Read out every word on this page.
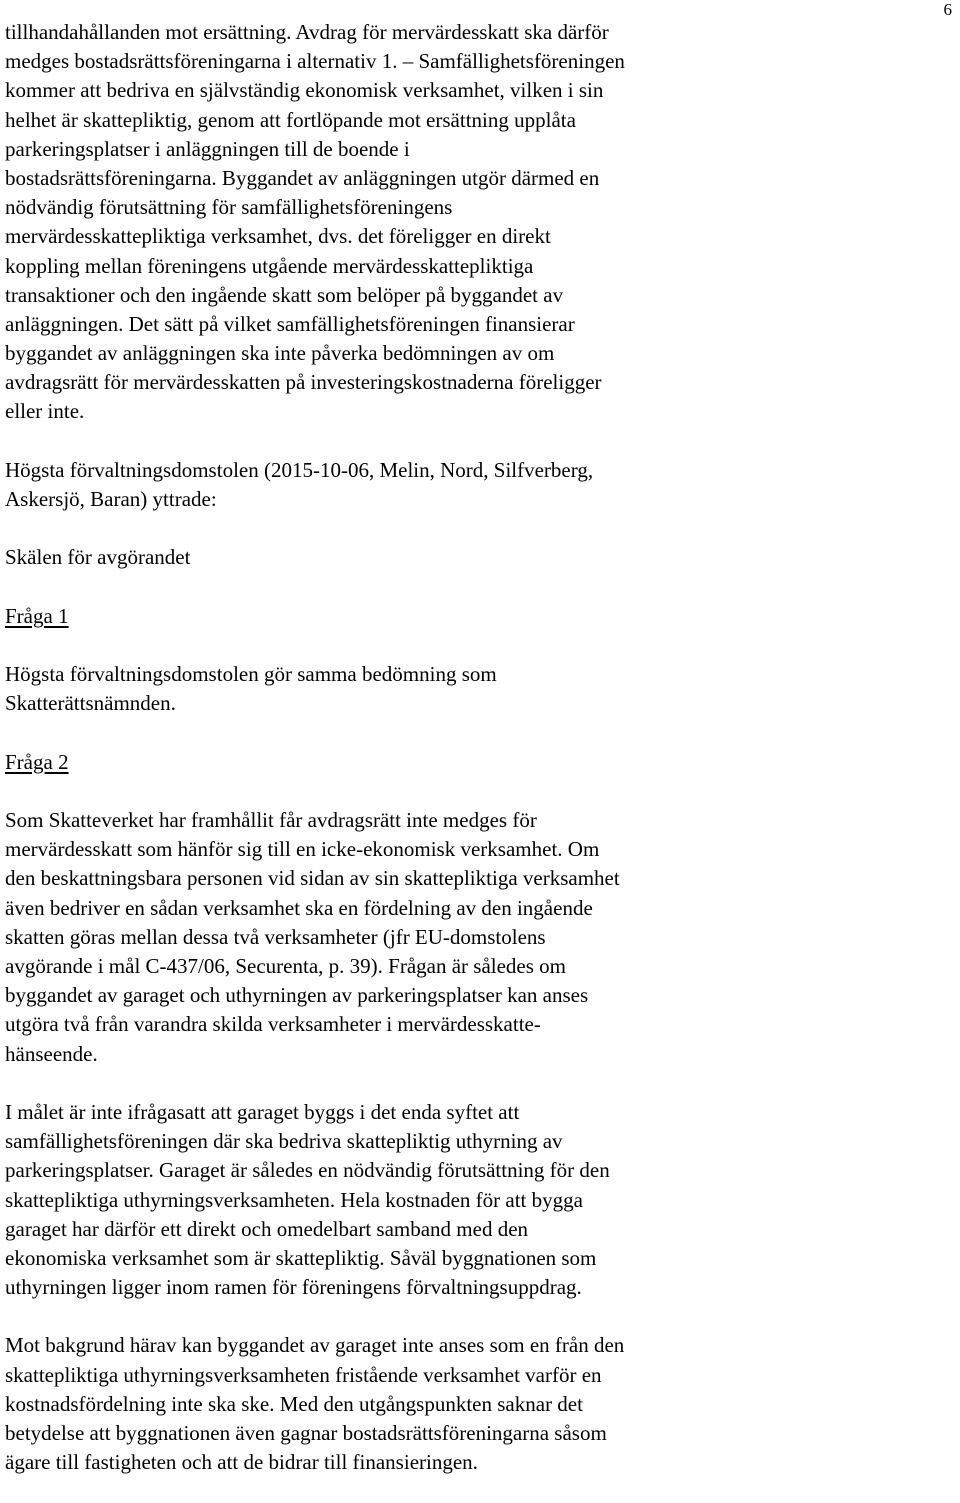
6
tillhandahållanden mot ersättning. Avdrag för mervärdesskatt ska därför
medges bostadsrättsföreningarna i alternativ 1. – Samfällighetsföreningen
kommer att bedriva en självständig ekonomisk verksamhet, vilken i sin
helhet är skattepliktig, genom att fortlöpande mot ersättning upplåta
parkeringsplatser i anläggningen till de boende i
bostadsrättsföreningarna. Byggandet av anläggningen utgör därmed en
nödvändig förutsättning för samfällighetsföreningens
mervärdesskattepliktiga verksamhet, dvs. det föreligger en direkt
koppling mellan föreningens utgående mervärdesskattepliktiga
transaktioner och den ingående skatt som belöper på byggandet av
anläggningen. Det sätt på vilket samfällighetsföreningen finansierar
byggandet av anläggningen ska inte påverka bedömningen av om
avdragsrätt för mervärdesskatten på investeringskostnaderna föreligger
eller inte.
Högsta förvaltningsdomstolen (2015-10-06, Melin, Nord, Silfverberg,
Askersjö, Baran) yttrade:
Skälen för avgörandet
Fråga 1
Högsta förvaltningsdomstolen gör samma bedömning som
Skatterättsnämnden.
Fråga 2
Som Skatteverket har framhållit får avdragsrätt inte medges för
mervärdesskatt som hänför sig till en icke-ekonomisk verksamhet. Om
den beskattningsbara personen vid sidan av sin skattepliktiga verksamhet
även bedriver en sådan verksamhet ska en fördelning av den ingående
skatten göras mellan dessa två verksamheter (jfr EU-domstolens
avgörande i mål C-437/06, Securenta, p. 39). Frågan är således om
byggandet av garaget och uthyrningen av parkeringsplatser kan anses
utgöra två från varandra skilda verksamheter i mervärdesskatte-
hänseende.
I målet är inte ifrågasatt att garaget byggs i det enda syftet att
samfällighetsföreningen där ska bedriva skattepliktig uthyrning av
parkeringsplatser. Garaget är således en nödvändig förutsättning för den
skattepliktiga uthyrningsverksamheten. Hela kostnaden för att bygga
garaget har därför ett direkt och omedelbart samband med den
ekonomiska verksamhet som är skattepliktig. Såväl byggnationen som
uthyrningen ligger inom ramen för föreningens förvaltningsuppdrag.
Mot bakgrund härav kan byggandet av garaget inte anses som en från den
skattepliktiga uthyrningsverksamheten fristående verksamhet varför en
kostnadsfördelning inte ska ske. Med den utgångspunkten saknar det
betydelse att byggnationen även gagnar bostadsrättsföreningarna såsom
ägare till fastigheten och att de bidrar till finansieringen.
